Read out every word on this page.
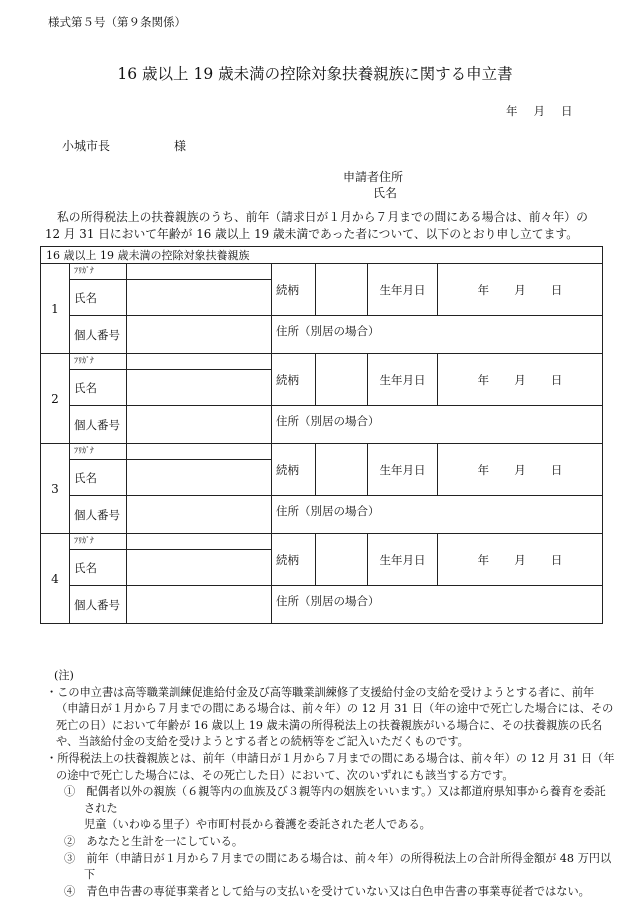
様式第５号（第９条関係）
16 歳以上 19 歳未満の控除対象扶養親族に関する申立書
年 月 日
小城市長	様
申請者住所
氏名
私の所得税法上の扶養親族のうち、前年（請求日が１月から７月までの間にある場合は、前々年）の 12 月 31 日において年齢が 16 歳以上 19 歳未満であった者について、以下のとおり申し立てます。
16 歳以上 19 歳未満の控除対象扶養親族						
1	ﾌﾘｶﾞﾅ		続柄		生年月日	年　 月　 日
	氏名					
	個人番号		住所（別居の場合）			
2	ﾌﾘｶﾞﾅ		続柄		生年月日	年　 月　 日
	氏名					
	個人番号		住所（別居の場合）			
3	ﾌﾘｶﾞﾅ		続柄		生年月日	年　 月　 日
	氏名					
	個人番号		住所（別居の場合）			
4	ﾌﾘｶﾞﾅ		続柄		生年月日	年　 月　 日
	氏名					
	個人番号		住所（別居の場合）			
(注)
・この申立書は高等職業訓練促進給付金及び高等職業訓練修了支援給付金の支給を受けようとする者に、前年（申請日が１月から７月までの間にある場合は、前々年）の 12 月 31 日（年の途中で死亡した場合には、その死亡の日）において年齢が 16 歳以上 19 歳未満の所得税法上の扶養親族がいる場合に、その扶養親族の氏名や、当該給付金の支給を受けようとする者との続柄等をご記入いただくものです。
・所得税法上の扶養親族とは、前年（申請日が１月から７月までの間にある場合は、前々年）の 12 月 31 日（年の途中で死亡した場合には、その死亡した日）において、次のいずれにも該当する方です。
①　配偶者以外の親族（６親等内の血族及び３親等内の姻族をいいます。）又は都道府県知事から養育を委託された
児童（いわゆる里子）や市町村長から養護を委託された老人である。
②　あなたと生計を一にしている。
③　前年（申請日が１月から７月までの間にある場合は、前々年）の所得税法上の合計所得金額が 48 万円以下
④　青色申告書の専従事業者として給与の支払いを受けていない又は白色申告書の事業専従者ではない。
